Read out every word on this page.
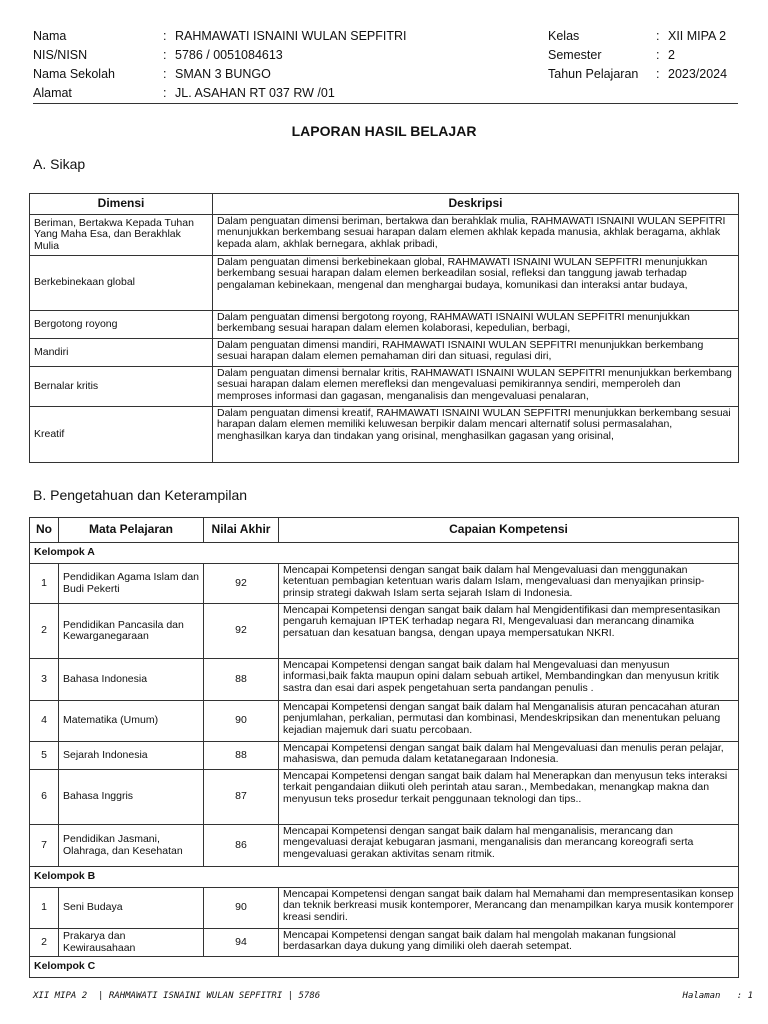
Nama	: RAHMAWATI ISNAINI WULAN SEPFITRI
NIS/NISN	: 5786 / 0051084613
Nama Sekolah	: SMAN 3 BUNGO
Alamat	: JL. ASAHAN RT 037 RW /01
Kelas	: XII MIPA 2
Semester	: 2
Tahun Pelajaran	: 2023/2024
LAPORAN HASIL BELAJAR
A. Sikap
Dimensi	Deskripsi
Beriman, Bertakwa Kepada Tuhan Yang Maha Esa, dan Berakhlak Mulia	Dalam penguatan dimensi beriman, bertakwa dan berahklak mulia, RAHMAWATI ISNAINI WULAN SEPFITRI menunjukkan berkembang sesuai harapan dalam elemen akhlak kepada manusia, akhlak beragama, akhlak kepada alam, akhlak bernegara, akhlak pribadi,
Berkebinekaan global	Dalam penguatan dimensi berkebinekaan global, RAHMAWATI ISNAINI WULAN SEPFITRI menunjukkan berkembang sesuai harapan dalam elemen berkeadilan sosial, refleksi dan tanggung jawab terhadap pengalaman kebinekaan, mengenal dan menghargai budaya, komunikasi dan interaksi antar budaya,
Bergotong royong	Dalam penguatan dimensi bergotong royong, RAHMAWATI ISNAINI WULAN SEPFITRI menunjukkan berkembang sesuai harapan dalam elemen kolaborasi, kepedulian, berbagi,
Mandiri	Dalam penguatan dimensi mandiri, RAHMAWATI ISNAINI WULAN SEPFITRI menunjukkan berkembang sesuai harapan dalam elemen pemahaman diri dan situasi, regulasi diri,
Bernalar kritis	Dalam penguatan dimensi bernalar kritis, RAHMAWATI ISNAINI WULAN SEPFITRI menunjukkan berkembang sesuai harapan dalam elemen merefleksi dan mengevaluasi pemikirannya sendiri, memperoleh dan memproses informasi dan gagasan, menganalisis dan mengevaluasi penalaran,
Kreatif	Dalam penguatan dimensi kreatif, RAHMAWATI ISNAINI WULAN SEPFITRI menunjukkan berkembang sesuai harapan dalam elemen memiliki keluwesan berpikir dalam mencari alternatif solusi permasalahan, menghasilkan karya dan tindakan yang orisinal, menghasilkan gagasan yang orisinal,
B. Pengetahuan dan Keterampilan
No	Mata Pelajaran	Nilai Akhir	Capaian Kompetensi
Kelompok A			
1	Pendidikan Agama Islam dan Budi Pekerti	92	Mencapai Kompetensi dengan sangat baik dalam hal Mengevaluasi dan menggunakan ketentuan pembagian ketentuan waris dalam Islam, mengevaluasi dan menyajikan prinsip-prinsip strategi dakwah Islam serta sejarah Islam di Indonesia.
2	Pendidikan Pancasila dan Kewarganegaraan	92	Mencapai Kompetensi dengan sangat baik dalam hal Mengidentifikasi dan mempresentasikan pengaruh kemajuan IPTEK terhadap negara RI, Mengevaluasi dan merancang dinamika persatuan dan kesatuan bangsa, dengan upaya mempersatukan NKRI.
3	Bahasa Indonesia	88	Mencapai Kompetensi dengan sangat baik dalam hal Mengevaluasi dan menyusun informasi,baik fakta maupun opini dalam sebuah artikel, Membandingkan dan menyusun kritik sastra dan esai dari aspek pengetahuan serta pandangan penulis .
4	Matematika (Umum)	90	Mencapai Kompetensi dengan sangat baik dalam hal Menganalisis aturan pencacahan aturan penjumlahan, perkalian, permutasi dan kombinasi, Mendeskripsikan dan menentukan peluang kejadian majemuk dari suatu percobaan.
5	Sejarah Indonesia	88	Mencapai Kompetensi dengan sangat baik dalam hal Mengevaluasi dan menulis peran pelajar, mahasiswa, dan pemuda dalam ketatanegaraan Indonesia.
6	Bahasa Inggris	87	Mencapai Kompetensi dengan sangat baik dalam hal Menerapkan dan menyusun teks interaksi terkait pengandaian diikuti oleh perintah atau saran., Membedakan, menangkap makna dan menyusun teks prosedur terkait penggunaan teknologi dan tips..
7	Pendidikan Jasmani, Olahraga, dan Kesehatan	86	Mencapai Kompetensi dengan sangat baik dalam hal menganalisis, merancang dan mengevaluasi derajat kebugaran jasmani, menganalisis dan merancang koreografi serta mengevaluasi gerakan aktivitas senam ritmik.
Kelompok B			
1	Seni Budaya	90	Mencapai Kompetensi dengan sangat baik dalam hal Memahami dan mempresentasikan konsep dan teknik berkreasi musik kontemporer, Merancang dan menampilkan karya musik kontemporer kreasi sendiri.
2	Prakarya dan Kewirausahaan	94	Mencapai Kompetensi dengan sangat baik dalam hal mengolah makanan fungsional berdasarkan daya dukung yang dimiliki oleh daerah setempat.
Kelompok C			
XII MIPA 2  | RAHMAWATI ISNAINI WULAN SEPFITRI | 5786	Halaman   : 1
